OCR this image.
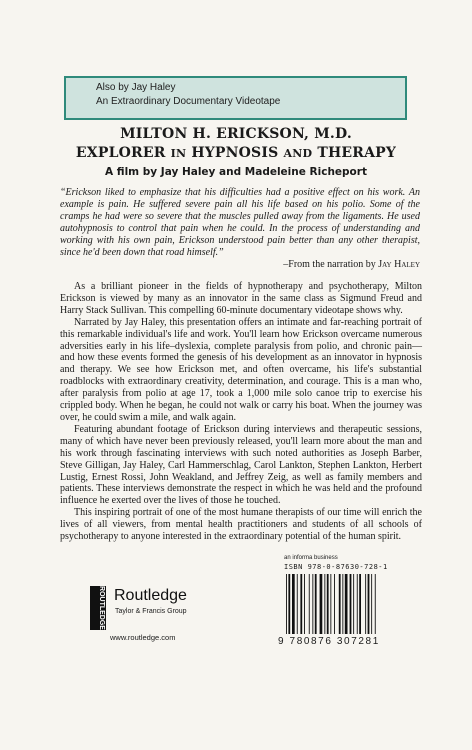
Also by Jay Haley
An Extraordinary Documentary Videotape
MILTON H. ERICKSON, M.D.
EXPLORER IN HYPNOSIS AND THERAPY
A film by Jay Haley and Madeleine Richeport
“Erickson liked to emphasize that his difficulties had a positive effect on his work. An example is pain. He suffered severe pain all his life based on his polio. Some of the cramps he had were so severe that the muscles pulled away from the ligaments. He used autohypnosis to control that pain when he could. In the process of understanding and working with his own pain, Erickson understood pain better than any other therapist, since he'd been down that road himself.”
–From the narration by Jay Haley

As a brilliant pioneer in the fields of hypnotherapy and psychotherapy, Milton Erickson is viewed by many as an innovator in the same class as Sigmund Freud and Harry Stack Sullivan. This compelling 60-minute documentary videotape shows why.

Narrated by Jay Haley, this presentation offers an intimate and far-reaching portrait of this remarkable individual's life and work. You'll learn how Erickson overcame numerous adversities early in his life–dyslexia, complete paralysis from polio, and chronic pain—and how these events formed the genesis of his development as an innovator in hypnosis and therapy. We see how Erickson met, and often overcame, his life's substantial roadblocks with extraordinary creativity, determination, and courage. This is a man who, after paralysis from polio at age 17, took a 1,000 mile solo canoe trip to exercise his crippled body. When he began, he could not walk or carry his boat. When the journey was over, he could swim a mile, and walk again.

Featuring abundant footage of Erickson during interviews and therapeutic sessions, many of which have never been previously released, you'll learn more about the man and his work through fascinating interviews with such noted authorities as Joseph Barber, Steve Gilligan, Jay Haley, Carl Hammerschlag, Carol Lankton, Stephen Lankton, Herbert Lustig, Ernest Rossi, John Weakland, and Jeffrey Zeig, as well as family members and patients. These interviews demonstrate the respect in which he was held and the profound influence he exerted over the lives of those he touched.

This inspiring portrait of one of the most humane therapists of our time will enrich the lives of all viewers, from mental health practitioners and students of all schools of psychotherapy to anyone interested in the extraordinary potential of the human spirit.

an informa business
ISBN 978-0-87630-728-1
9 780876 307281
ROUTLEDGE Routledge
Taylor & Francis Group
www.routledge.com
